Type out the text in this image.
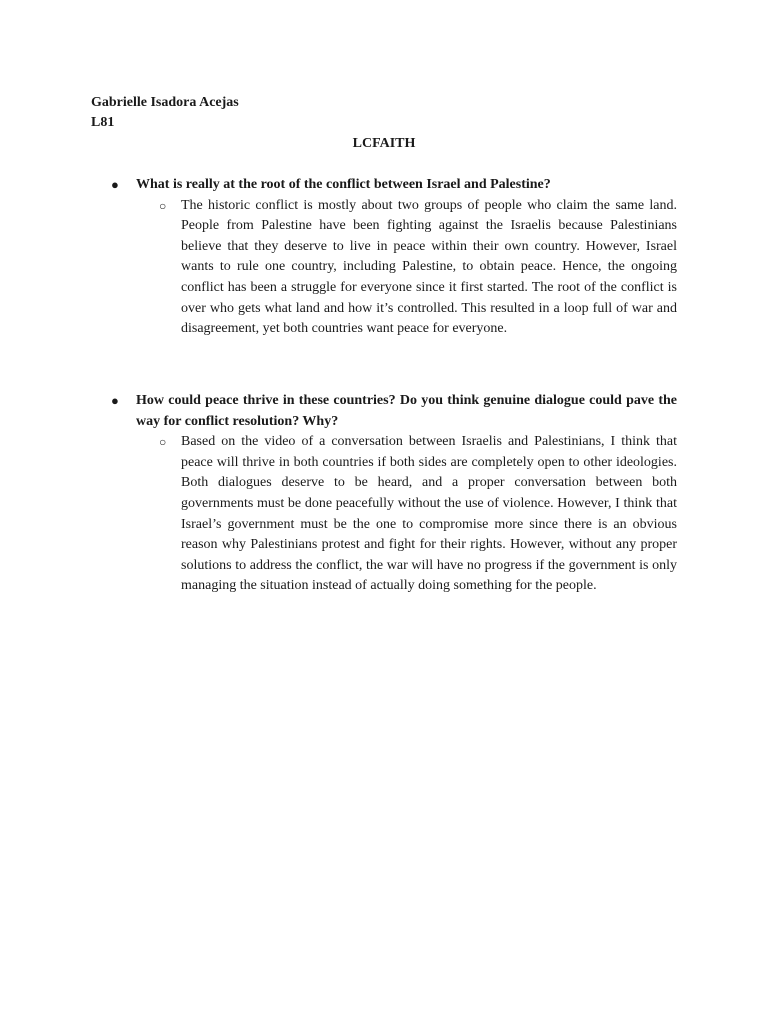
Gabrielle Isadora Acejas
L81
LCFAITH
● What is really at the root of the conflict between Israel and Palestine?
○ The historic conflict is mostly about two groups of people who claim the same land. People from Palestine have been fighting against the Israelis because Palestinians believe that they deserve to live in peace within their own country. However, Israel wants to rule one country, including Palestine, to obtain peace. Hence, the ongoing conflict has been a struggle for everyone since it first started. The root of the conflict is over who gets what land and how it’s controlled. This resulted in a loop full of war and disagreement, yet both countries want peace for everyone.
● How could peace thrive in these countries? Do you think genuine dialogue could pave the way for conflict resolution? Why?
○ Based on the video of a conversation between Israelis and Palestinians, I think that peace will thrive in both countries if both sides are completely open to other ideologies. Both dialogues deserve to be heard, and a proper conversation between both governments must be done peacefully without the use of violence. However, I think that Israel’s government must be the one to compromise more since there is an obvious reason why Palestinians protest and fight for their rights. However, without any proper solutions to address the conflict, the war will have no progress if the government is only managing the situation instead of actually doing something for the people.
